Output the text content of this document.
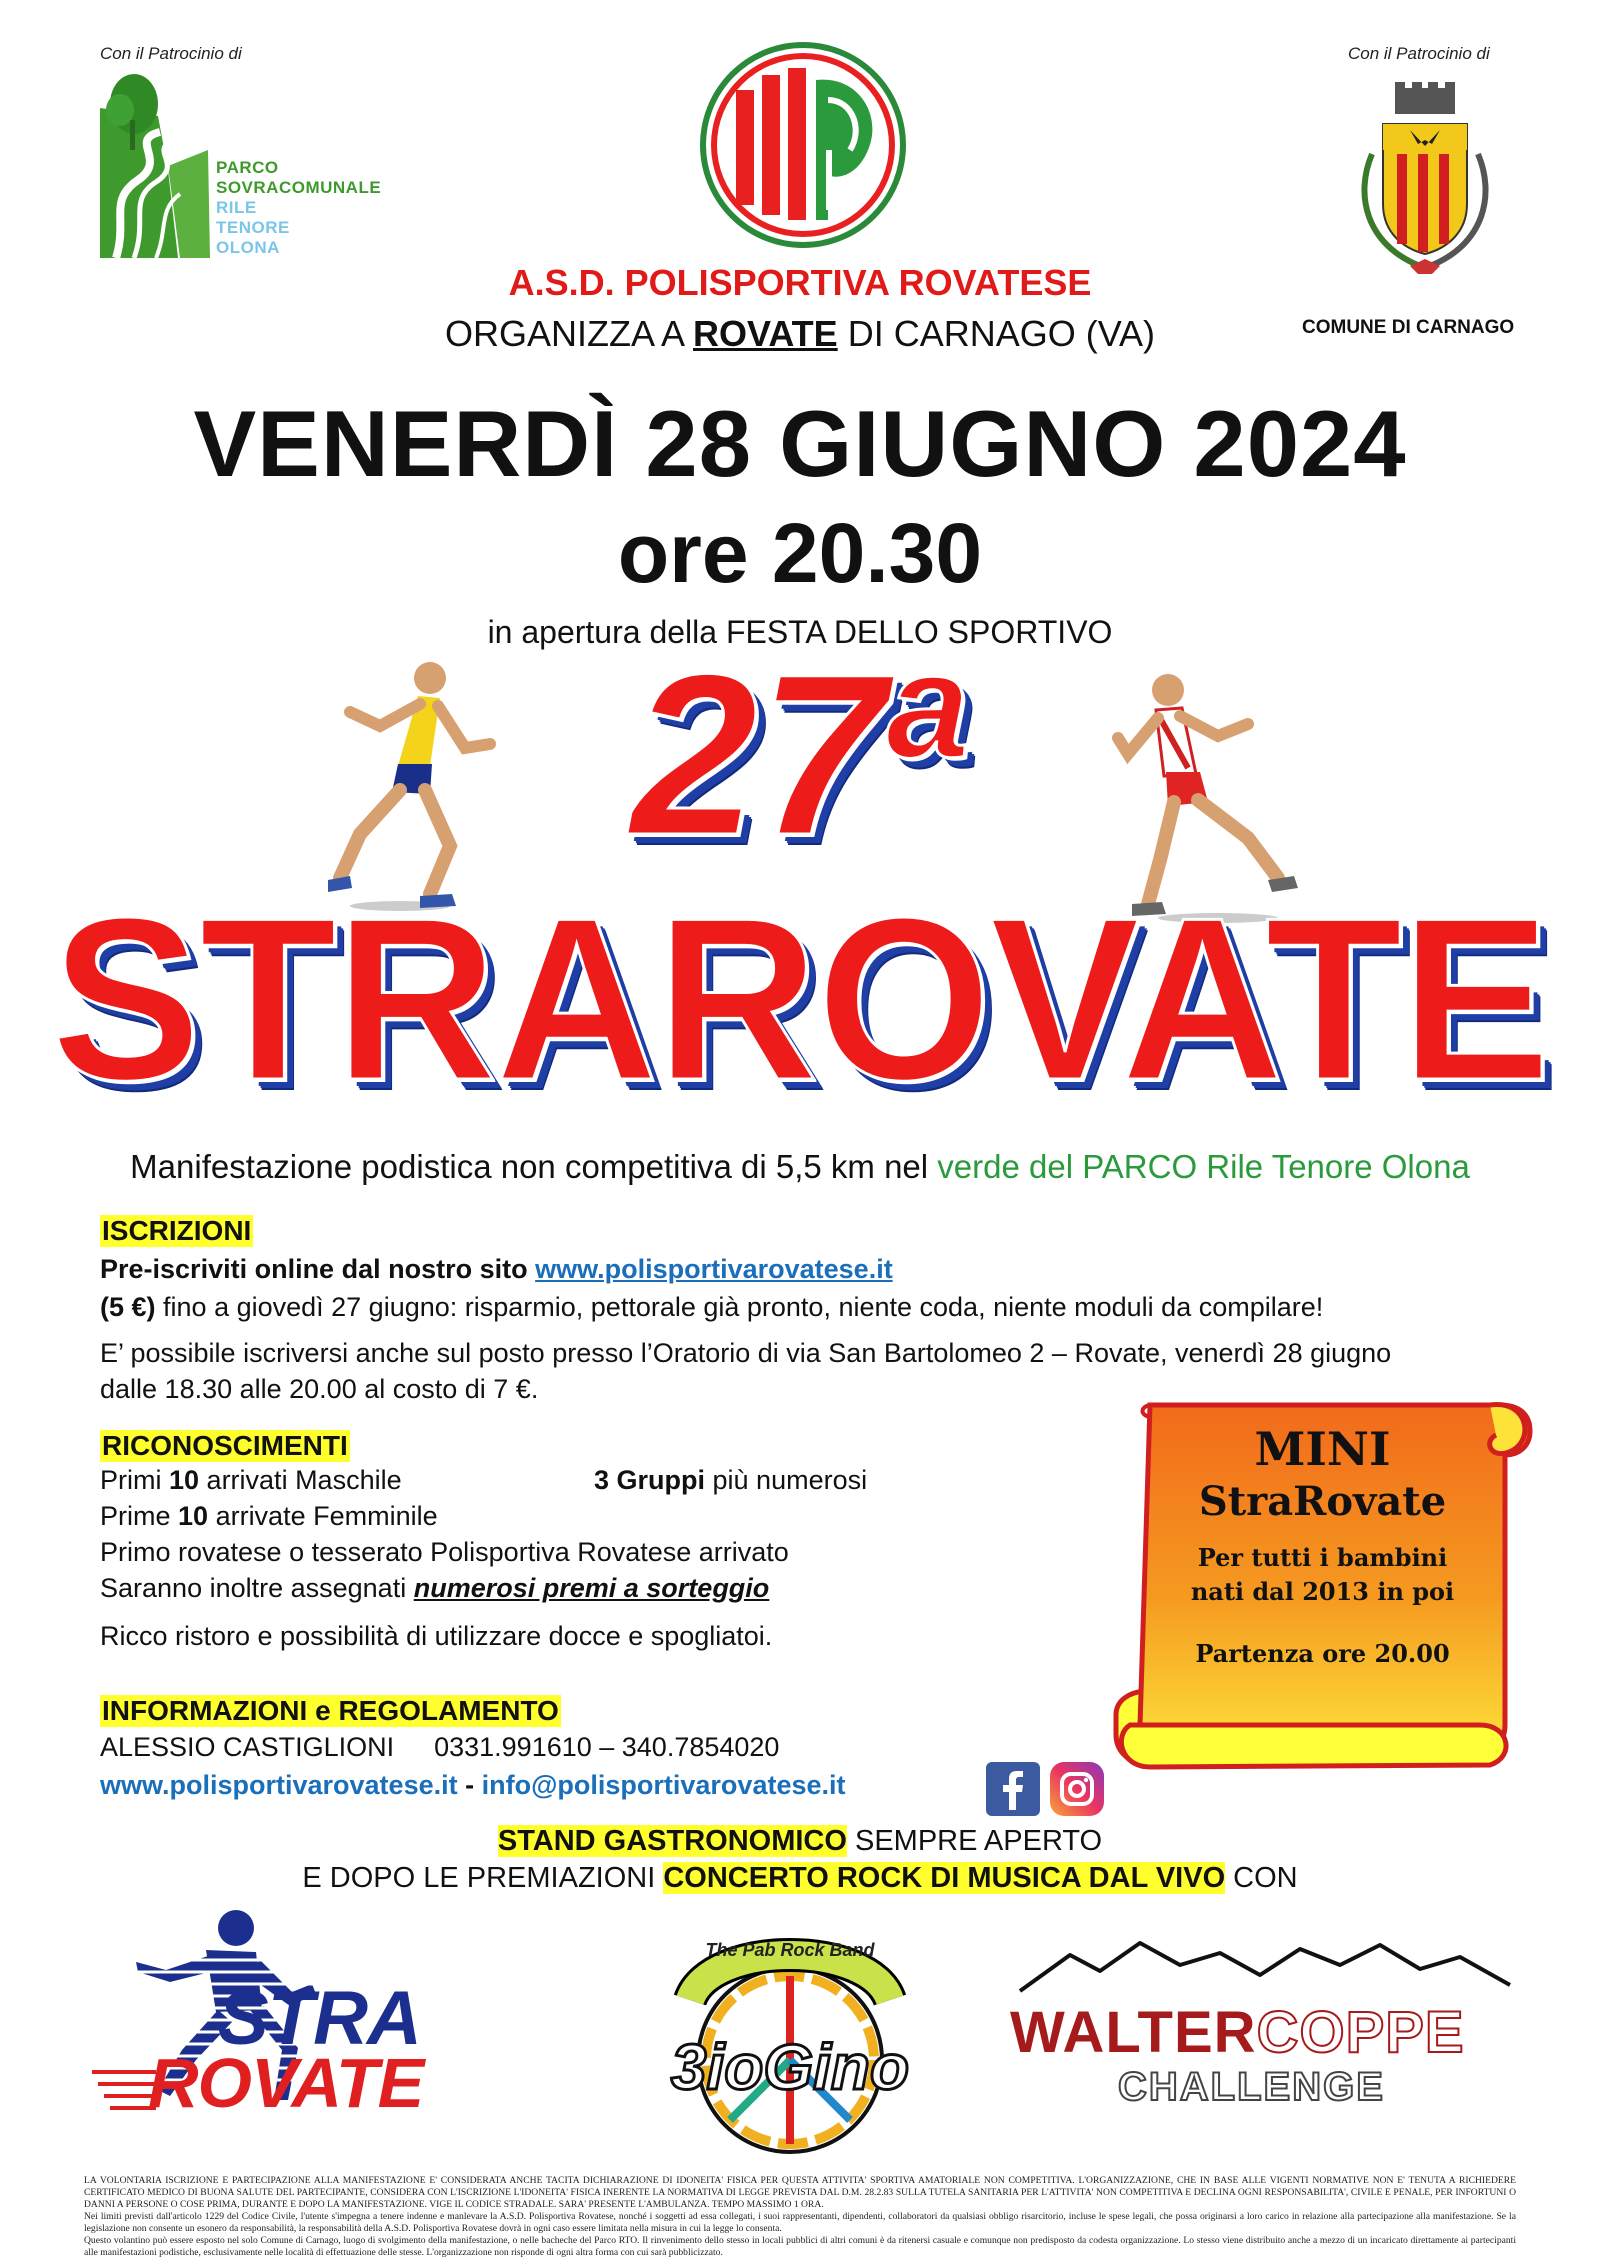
Con il Patrocinio di
PARCO
SOVRACOMUNALE
RILE
TENORE
OLONA
Con il Patrocinio di
COMUNE DI CARNAGO
A.S.D. POLISPORTIVA ROVATESE
ORGANIZZA A ROVATE DI CARNAGO (VA)
VENERDÌ 28 GIUGNO 2024
ore 20.30
in apertura della FESTA DELLO SPORTIVO
27a
STRAROVATE
Manifestazione podistica non competitiva di 5,5 km nel verde del PARCO Rile Tenore Olona
ISCRIZIONI
Pre-iscriviti online dal nostro sito www.polisportivarovatese.it
(5 €) fino a giovedì 27 giugno: risparmio, pettorale già pronto, niente coda, niente moduli da compilare!
E’ possibile iscriversi anche sul posto presso l’Oratorio di via San Bartolomeo 2 – Rovate, venerdì 28 giugno
dalle 18.30 alle 20.00 al costo di 7 €.
RICONOSCIMENTI
Primi 10 arrivati Maschile	3 Gruppi più numerosi
Prime 10 arrivate Femminile
Primo rovatese o tesserato Polisportiva Rovatese arrivato
Saranno inoltre assegnati numerosi premi a sorteggio
Ricco ristoro e possibilità di utilizzare docce e spogliatoi.
INFORMAZIONI e REGOLAMENTO
ALESSIO CASTIGLIONI 0331.991610 – 340.7854020
www.polisportivarovatese.it - info@polisportivarovatese.it
MINI
StraRovate
Per tutti i bambini
nati dal 2013 in poi
Partenza ore 20.00
STAND GASTRONOMICO SEMPRE APERTO
E DOPO LE PREMIAZIONI CONCERTO ROCK DI MUSICA DAL VIVO CON
STRA
ROVATE
The Pab Rock Band
3ioGino	WALTERCOPPE
CHALLENGE
LA VOLONTARIA ISCRIZIONE E PARTECIPAZIONE ALLA MANIFESTAZIONE E' CONSIDERATA ANCHE TACITA DICHIARAZIONE DI IDONEITA' FISICA PER QUESTA ATTIVITA' SPORTIVA AMATORIALE NON COMPETITIVA. L'ORGANIZZAZIONE, CHE IN BASE ALLE VIGENTI NORMATIVE NON E' TENUTA A RICHIEDERE CERTIFICATO MEDICO DI BUONA SALUTE DEL PARTECIPANTE, CONSIDERA CON L'ISCRIZIONE L'IDONEITA' FISICA INERENTE LA NORMATIVA DI LEGGE PREVISTA DAL D.M. 28.2.83 SULLA TUTELA SANITARIA PER L'ATTIVITA' NON COMPETITIVA E DECLINA OGNI RESPONSABILITA', CIVILE E PENALE, PER INFORTUNI O DANNI A PERSONE O COSE PRIMA, DURANTE E DOPO LA MANIFESTAZIONE. VIGE IL CODICE STRADALE. SARA' PRESENTE L'AMBULANZA. TEMPO MASSIMO 1 ORA.
Nei limiti previsti dall'articolo 1229 del Codice Civile, l'utente s'impegna a tenere indenne e manlevare la A.S.D. Polisportiva Rovatese, nonché i soggetti ad essa collegati, i suoi rappresentanti, dipendenti, collaboratori da qualsiasi obbligo risarcitorio, incluse le spese legali, che possa originarsi a loro carico in relazione alla partecipazione alla manifestazione. Se la legislazione non consente un esonero da responsabilità, la responsabilità della A.S.D. Polisportiva Rovatese dovrà in ogni caso essere limitata nella misura in cui la legge lo consenta.
Questo volantino può essere esposto nel solo Comune di Carnago, luogo di svolgimento della manifestazione, o nelle bacheche del Parco RTO. Il rinvenimento dello stesso in locali pubblici di altri comuni è da ritenersi casuale e comunque non predisposto da codesta organizzazione. Lo stesso viene distribuito anche a mezzo di un incaricato direttamente ai partecipanti alle manifestazioni podistiche, esclusivamente nelle località di effettuazione delle stesse. L'organizzazione non risponde di ogni altra forma con cui sarà pubblicizzato.
